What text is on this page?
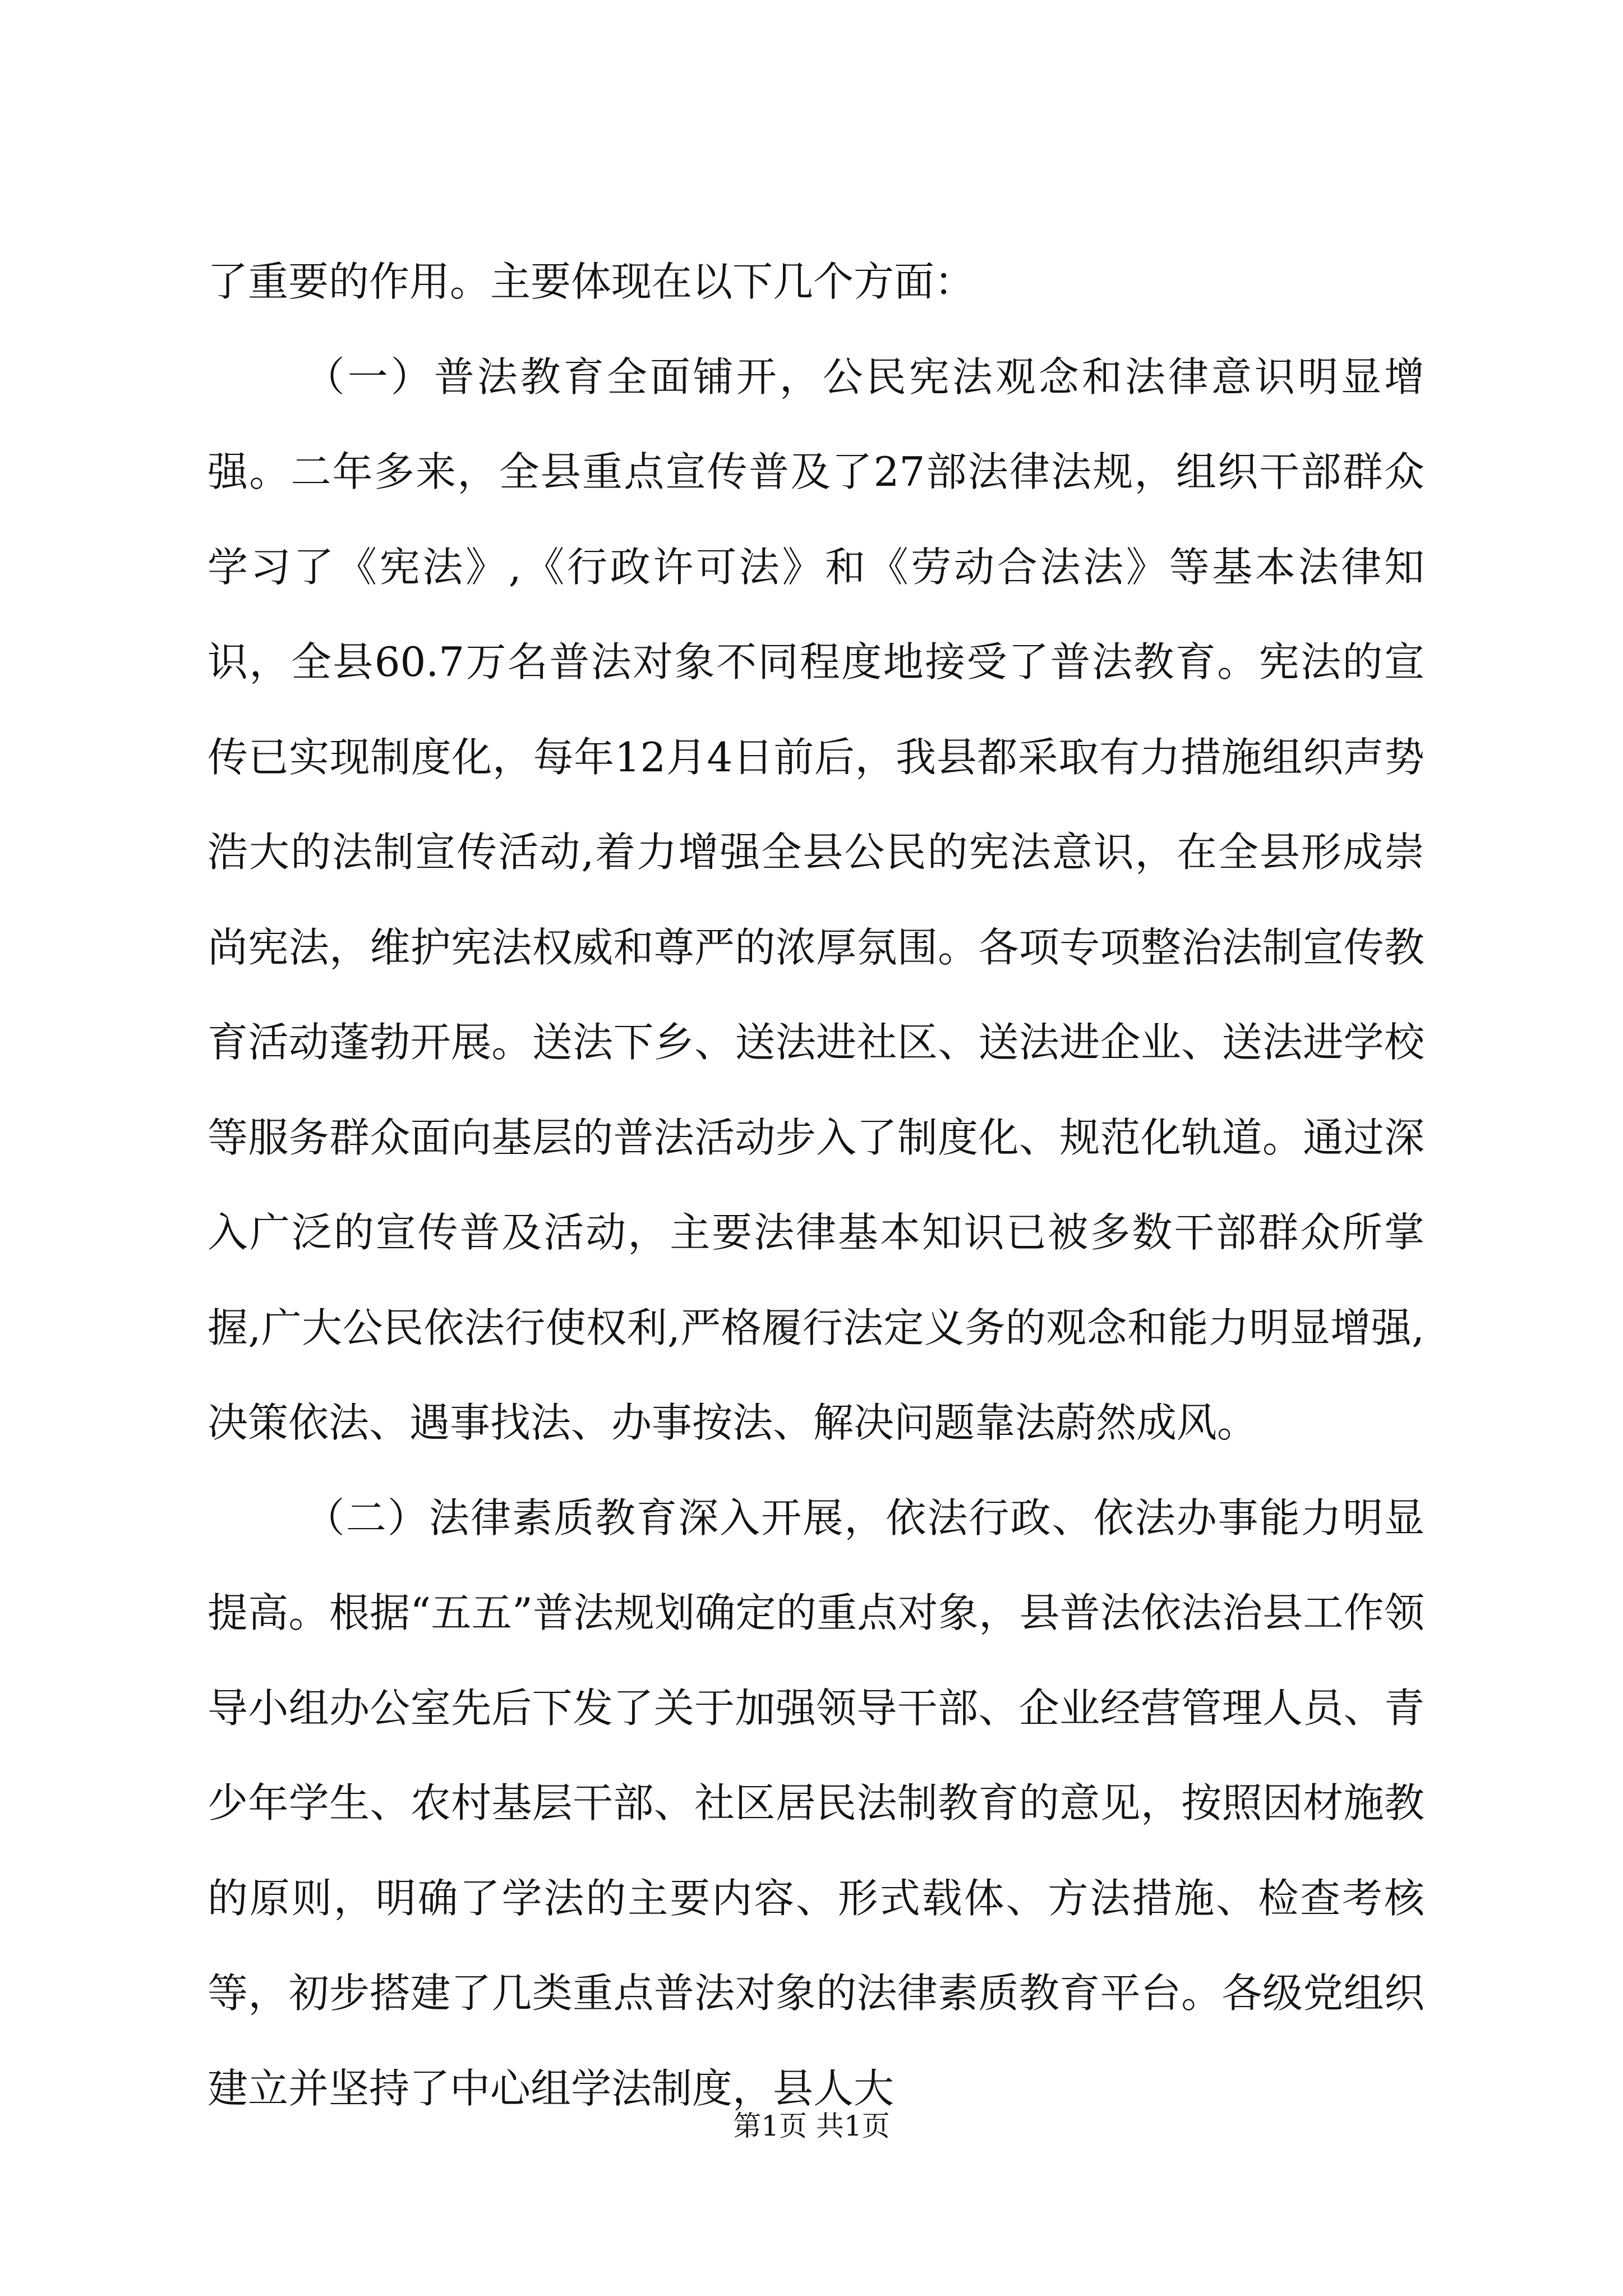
了重要的作用。主要体现在以下几个方面：

（一）普法教育全面铺开，公民宪法观念和法律意识明显增强。二年多来，全县重点宣传普及了27部法律法规，组织干部群众学习了《宪法》,《行政许可法》和《劳动合法法》等基本法律知识，全县60.7万名普法对象不同程度地接受了普法教育。宪法的宣传已实现制度化，每年12月4日前后，我县都采取有力措施组织声势浩大的法制宣传活动,着力增强全县公民的宪法意识，在全县形成崇尚宪法，维护宪法权威和尊严的浓厚氛围。各项专项整治法制宣传教育活动蓬勃开展。送法下乡、送法进社区、送法进企业、送法进学校等服务群众面向基层的普法活动步入了制度化、规范化轨道。通过深入广泛的宣传普及活动，主要法律基本知识已被多数干部群众所掌握,广大公民依法行使权利,严格履行法定义务的观念和能力明显增强,决策依法、遇事找法、办事按法、解决问题靠法蔚然成风。

（二）法律素质教育深入开展，依法行政、依法办事能力明显提高。根据“五五”普法规划确定的重点对象，县普法依法治县工作领导小组办公室先后下发了关于加强领导干部、企业经营管理人员、青少年学生、农村基层干部、社区居民法制教育的意见，按照因材施教的原则，明确了学法的主要内容、形式载体、方法措施、检查考核等，初步搭建了几类重点普法对象的法律素质教育平台。各级党组织建立并坚持了中心组学法制度，县人大

第1页 共1页
